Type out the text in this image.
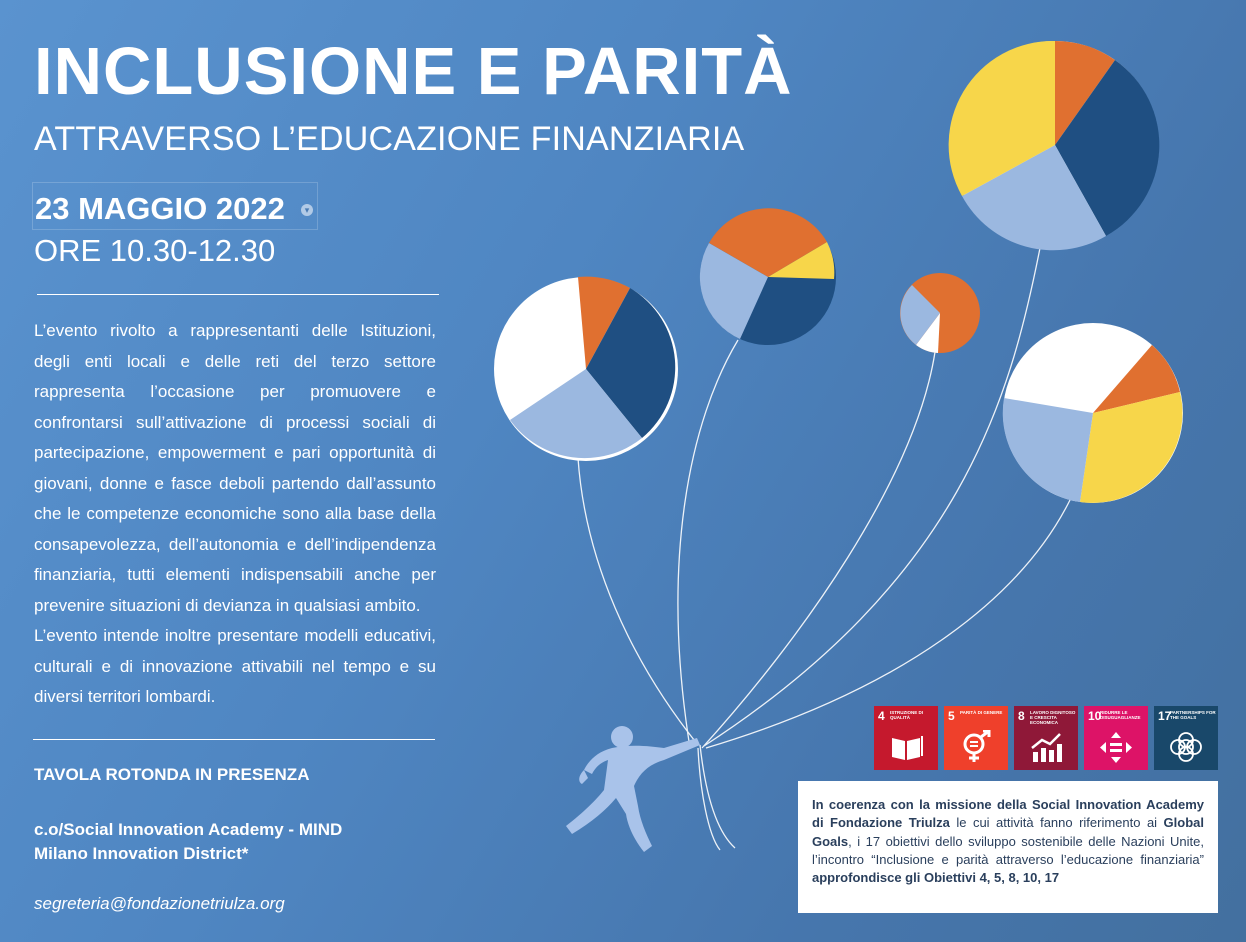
INCLUSIONE E PARITÀ
ATTRAVERSO L’EDUCAZIONE FINANZIARIA
23 MAGGIO 2022	▾
ORE 10.30-12.30

L’evento rivolto a rappresentanti delle Istituzioni, degli enti locali e delle reti del terzo settore rappresenta l’occasione per promuovere e confrontarsi sull’attivazione di processi sociali di partecipazione, empowerment e pari opportunità di giovani, donne e fasce deboli partendo dall’assunto che le competenze economiche sono alla base della consapevolezza, dell’autonomia e dell’indipendenza finanziaria, tutti elementi indispensabili anche per prevenire situazioni di devianza in qualsiasi ambito.

L’evento intende inoltre presentare modelli educativi, culturali e di innovazione attivabili nel tempo e su diversi territori lombardi.

TAVOLA ROTONDA IN PRESENZA
c.o/Social Innovation Academy - MIND
Milano Innovation District*
segreteria@fondazionetriulza.org
4 ISTRUZIONE DI QUALITÀ	5 PARITÀ DI GENERE 8 LAVORO DIGNITOSO E CRESCITA ECONOMICA	10
RIDURRE LE DISUGUAGLIANZE	17
PARTNERSHIPS FOR THE GOALS
In coerenza con la missione della Social Innovation Academy di Fondazione Triulza le cui attività fanno riferimento ai Global Goals, i 17 obiettivi dello sviluppo sostenibile delle Nazioni Unite, l’incontro “Inclusione e parità attraverso l’educazione finanziaria” approfondisce gli Obiettivi 4, 5, 8, 10, 17
